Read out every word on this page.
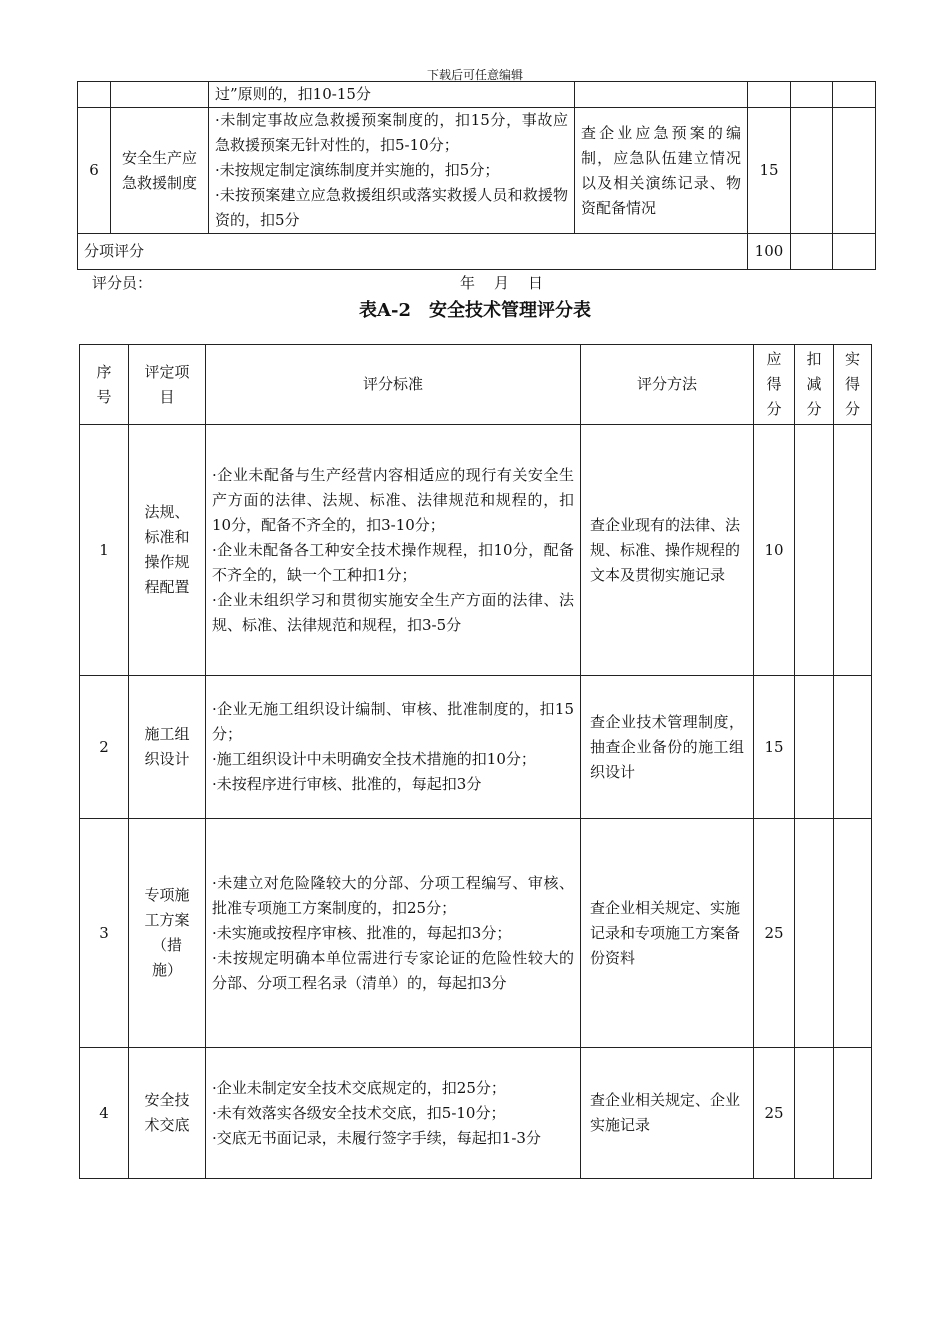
下载后可任意编辑
		过”原则的，扣10-15分				
6	安全生产应急救援制度	·未制定事故应急救援预案制度的，扣15分，事故应急救援预案无针对性的，扣5-10分；
·未按规定制定演练制度并实施的，扣5分；
·未按预案建立应急救援组织或落实救援人员和救援物资的，扣5分	查企业应急预案的编制，应急队伍建立情况以及相关演练记录、物资配备情况	15		
分项评分				100		
评分员：	年　月　日
表A-2　安全技术管理评分表
序号	评定项目	评分标准	评分方法	应得分	扣减分	实得分
1	法规、标准和操作规程配置	·企业未配备与生产经营内容相适应的现行有关安全生产方面的法律、法规、标准、法律规范和规程的，扣10分，配备不齐全的，扣3-10分；
·企业未配备各工种安全技术操作规程，扣10分，配备不齐全的，缺一个工种扣1分；
·企业未组织学习和贯彻实施安全生产方面的法律、法规、标准、法律规范和规程，扣3-5分	查企业现有的法律、法规、标准、操作规程的文本及贯彻实施记录	10		
2	施工组织设计	·企业无施工组织设计编制、审核、批准制度的，扣15分；
·施工组织设计中未明确安全技术措施的扣10分；
·未按程序进行审核、批准的，每起扣3分	查企业技术管理制度，抽查企业备份的施工组织设计	15		
3	专项施工方案（措施）	·未建立对危险隆较大的分部、分项工程编写、审核、批准专项施工方案制度的，扣25分；
·未实施或按程序审核、批准的，每起扣3分；
·未按规定明确本单位需进行专家论证的危险性较大的分部、分项工程名录（清单）的，每起扣3分	查企业相关规定、实施记录和专项施工方案备份资料	25		
4	安全技术交底	·企业未制定安全技术交底规定的，扣25分；
·未有效落实各级安全技术交底，扣5-10分；
·交底无书面记录，未履行签字手续，每起扣1-3分	查企业相关规定、企业实施记录	25		
